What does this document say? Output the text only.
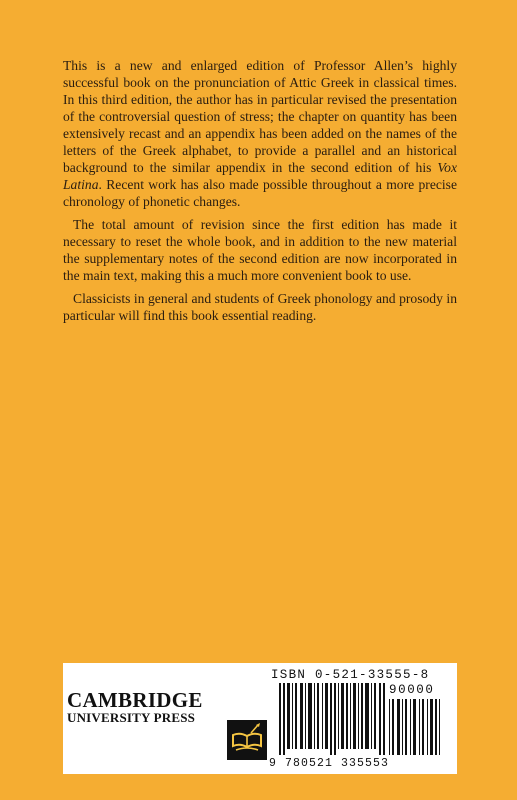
This is a new and enlarged edition of Professor Allen’s highly successful book on the pronunciation of Attic Greek in classical times. In this third edition, the author has in particular revised the presentation of the controversial question of stress; the chapter on quantity has been extensively recast and an appendix has been added on the names of the letters of the Greek alphabet, to provide a parallel and an historical background to the similar appendix in the second edition of his Vox Latina. Recent work has also made possible throughout a more precise chronology of phonetic changes.

The total amount of revision since the first edition has made it necessary to reset the whole book, and in addition to the new material the supplementary notes of the second edition are now incorporated in the main text, making this a much more convenient book to use.

Classicists in general and students of Greek phonology and prosody in particular will find this book essential reading.

CAMBRIDGE
UNIVERSITY PRESS
ISBN 0-521-33555-8
90000
9 780521 335553
